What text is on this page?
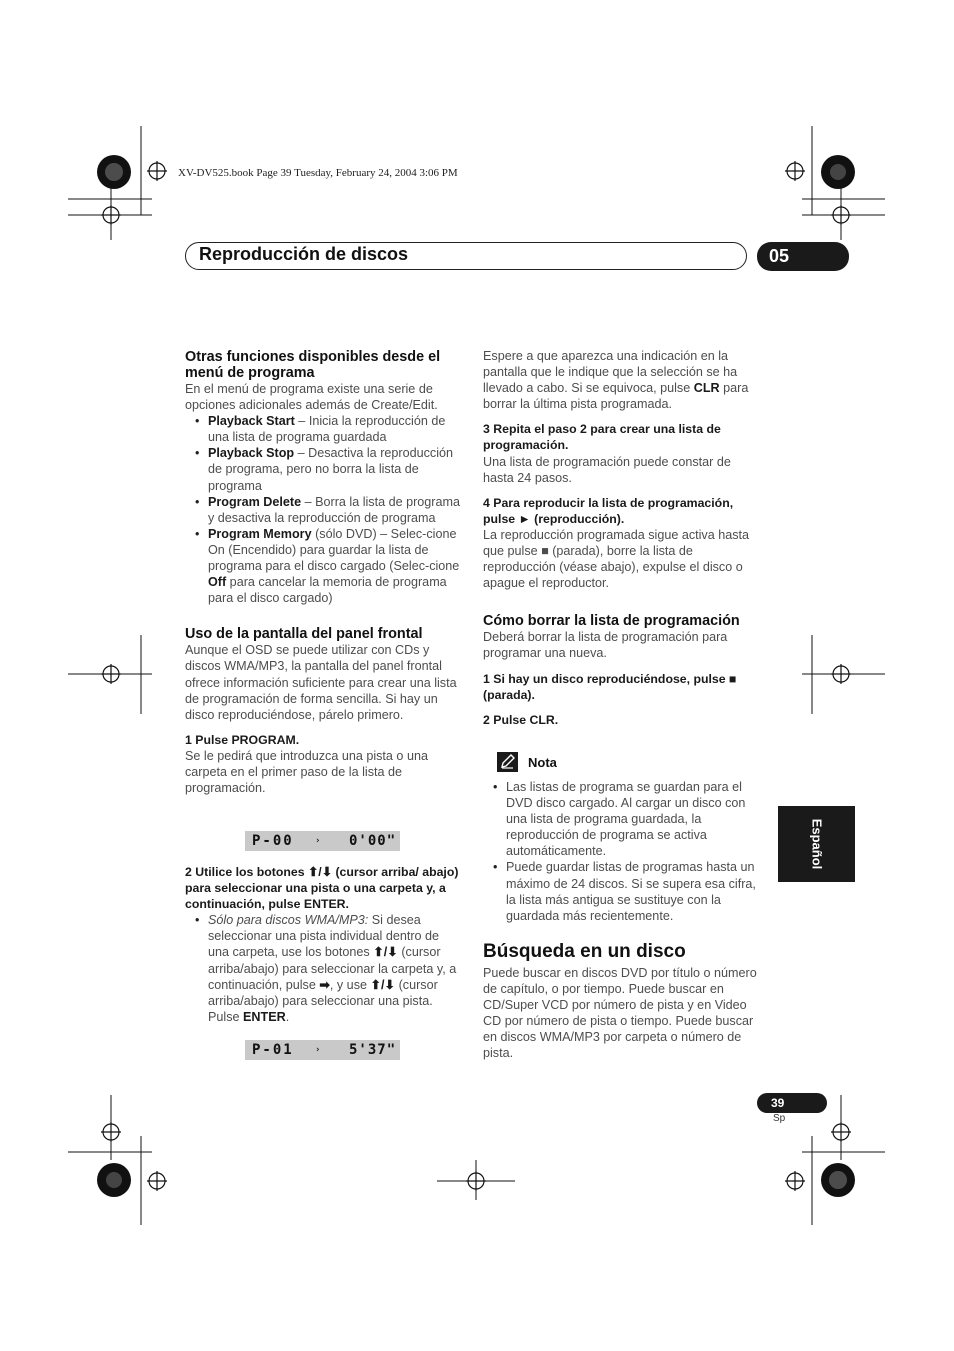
XV-DV525.book Page 39 Tuesday, February 24, 2004 3:06 PM
Reproducción de discos	05
Otras funciones disponibles desde el menú de programa

En el menú de programa existe una serie de opciones adicionales además de Create/Edit.

• Playback Start – Inicia la reproducción de una lista de programa guardada
• Playback Stop – Desactiva la reproducción de programa, pero no borra la lista de programa
• Program Delete – Borra la lista de programa y desactiva la reproducción de programa
• Program Memory (sólo DVD) – Selec-cione On (Encendido) para guardar la lista de programa para el disco cargado (Selec-cione Off para cancelar la memoria de programa para el disco cargado)
Uso de la pantalla del panel frontal

Aunque el OSD se puede utilizar con CDs y discos WMA/MP3, la pantalla del panel frontal ofrece información suficiente para crear una lista de programación de forma sencilla. Si hay un disco reproduciéndose, párelo primero.

1 Pulse PROGRAM.

Se le pedirá que introduzca una pista o una carpeta en el primer paso de la lista de programación.

P-00 › 0'00"

2 Utilice los botones ⬆/⬇ (cursor arriba/ abajo) para seleccionar una pista o una carpeta y, a continuación, pulse ENTER.

• Sólo para discos WMA/MP3: Si desea seleccionar una pista individual dentro de una carpeta, use los botones ⬆/⬇ (cursor arriba/abajo) para seleccionar la carpeta y, a continuación, pulse ➡, y use ⬆/⬇ (cursor arriba/abajo) para seleccionar una pista. Pulse ENTER.
P-01 › 5'37"

Espere a que aparezca una indicación en la pantalla que le indique que la selección se ha llevado a cabo. Si se equivoca, pulse CLR para borrar la última pista programada.

3 Repita el paso 2 para crear una lista de programación.

Una lista de programación puede constar de hasta 24 pasos.

4 Para reproducir la lista de programación, pulse ► (reproducción).

La reproducción programada sigue activa hasta que pulse ■ (parada), borre la lista de reproducción (véase abajo), expulse el disco o apague el reproductor.

Cómo borrar la lista de programación

Deberá borrar la lista de programación para programar una nueva.

1 Si hay un disco reproduciéndose, pulse ■ (parada).

2 Pulse CLR.

Nota
• Las listas de programa se guardan para el DVD disco cargado. Al cargar un disco con una lista de programa guardada, la reproducción de programa se activa automáticamente.
• Puede guardar listas de programas hasta un máximo de 24 discos. Si se supera esa cifra, la lista más antigua se sustituye con la guardada más recientemente.
Búsqueda en un disco

Puede buscar en discos DVD por título o número de capítulo, o por tiempo. Puede buscar en CD/Super VCD por número de pista y en Video CD por número de pista o tiempo. Puede buscar en discos WMA/MP3 por carpeta o número de pista.

Español
39
Sp
